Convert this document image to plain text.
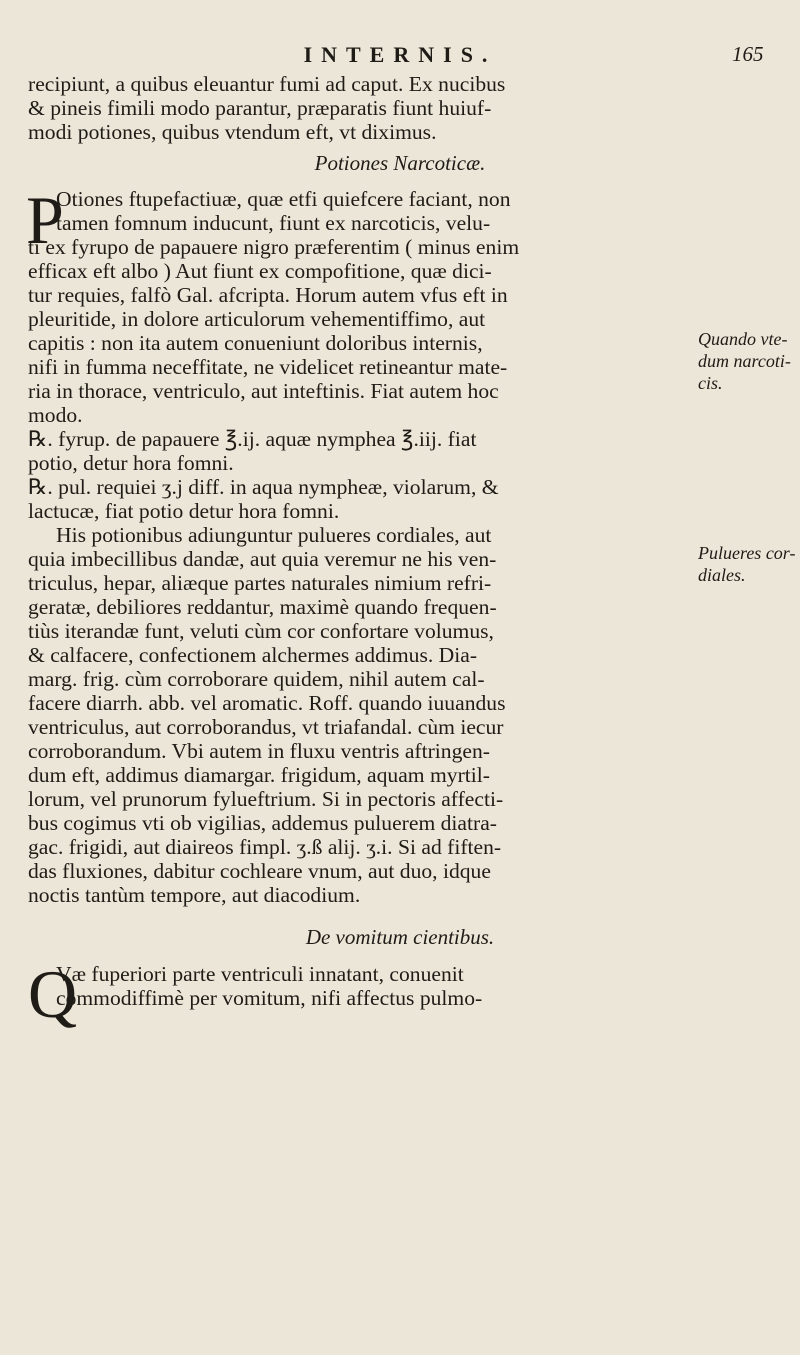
INTERNIS.	165
recipiunt, a quibus eleuantur fumi ad caput. Ex nucibus
& pineis fimili modo parantur, præparatis fiunt huiuf-
modi potiones, quibus vtendum eft, vt diximus.
Potiones Narcoticæ.
P
Otiones ftupefactiuæ, quæ etfi quiefcere faciant, non
tamen fomnum inducunt, fiunt ex narcoticis, velu-
ti ex fyrupo de papauere nigro præferentim ( minus enim
efficax eft albo ) Aut fiunt ex compofitione, quæ dici-
tur requies, falfò Gal. afcripta. Horum autem vfus eft in
pleuritide, in dolore articulorum vehementiffimo, aut
capitis : non ita autem conueniunt doloribus internis,
nifi in fumma neceffitate, ne videlicet retineantur mate-
ria in thorace, ventriculo, aut inteftinis. Fiat autem hoc
modo.
℞. fyrup. de papauere ℥.ij. aquæ nymphea ℥.iij. fiat
potio, detur hora fomni.
℞. pul. requiei ʒ.j diff. in aqua nympheæ, violarum, &
lactucæ, fiat potio detur hora fomni.
His potionibus adiunguntur pulueres cordiales, aut
quia imbecillibus dandæ, aut quia veremur ne his ven-
triculus, hepar, aliæque partes naturales nimium refri-
geratæ, debiliores reddantur, maximè quando frequen-
tiùs iterandæ funt, veluti cùm cor confortare volumus,
& calfacere, confectionem alchermes addimus. Dia-
marg. frig. cùm corroborare quidem, nihil autem cal-
facere diarrh. abb. vel aromatic. Roff. quando iuuandus
ventriculus, aut corroborandus, vt triafandal. cùm iecur
corroborandum. Vbi autem in fluxu ventris aftringen-
dum eft, addimus diamargar. frigidum, aquam myrtil-
lorum, vel prunorum fylueftrium. Si in pectoris affecti-
bus cogimus vti ob vigilias, addemus puluerem diatra-
gac. frigidi, aut diaireos fimpl. ʒ.ß alij. ʒ.i. Si ad fiften-
das fluxiones, dabitur cochleare vnum, aut duo, idque
noctis tantùm tempore, aut diacodium.
Quando vte-
dum narcoti-
cis.
Pulueres cor-
diales.
De vomitum cientibus.
Q
Væ fuperiori parte ventriculi innatant, conuenit
commodiffimè per vomitum, nifi affectus pulmo-
